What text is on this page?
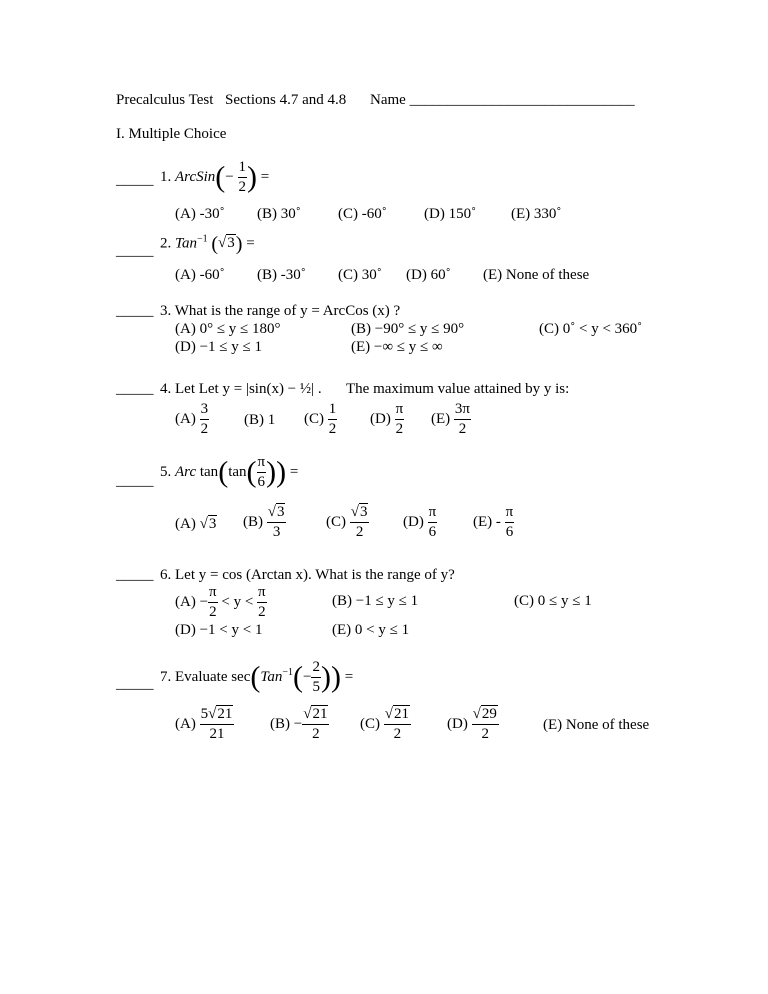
Precalculus Test Sections 4.7 and 4.8 Name ______________________________
I. Multiple Choice
_____ 1. ArcSin(− $\frac{1}{2}$ ) =
(A) -30˚ (B) 30˚ (C) -60˚ (D) 150˚ (E) 330˚
_____ 2. Tan$^{-1}$ (√3) =
(A) -60˚ (B) -30˚ (C) 30˚ (D) 60˚ (E) None of these
_____ 3. What is the range of y = ArcCos (x) ?
(A) 0° ≤ y ≤ 180°	(B) −90° ≤ y ≤ 90°	(C) 0˚ < y < 360˚
(D) −1 ≤ y ≤ 1	(E) −∞ ≤ y ≤ ∞
_____ 4. Let Let y = |sin(x) − ½| . The maximum value attained by y is:
$(A) \frac{3}{2} (B)$ 1 $(C) \frac{1}{2} (D) \frac{\pi}{2} (E) \frac{3\pi}{2}$
_____
5. Arc $\tan(\tan( \frac{\pi}{6}$ )) =
(A) √3 $(B) \frac{√3}{3}$	$(C) \frac{√3}{2} (D) \frac{\pi}{6} (E) - \frac{\pi}{6}$
_____ 6. Let y = cos (Arctan x). What is the range of y?
$(A) - \frac{\pi}{2} < y < \frac{\pi}{2}$	(B) −1 ≤ y ≤ 1	(C) 0 ≤ y ≤ 1
(D) −1 < y < 1	(E) 0 < y ≤ 1
_____ 7. Evaluate $\sec(Tan^{-1}(- \frac{2}{5}$ )) =
$(A) \frac{5√21}{21} (B) - \frac{√21}{2} (C) \frac{√21}{2} (D) \frac{√29}{2}$	(E) None of these
